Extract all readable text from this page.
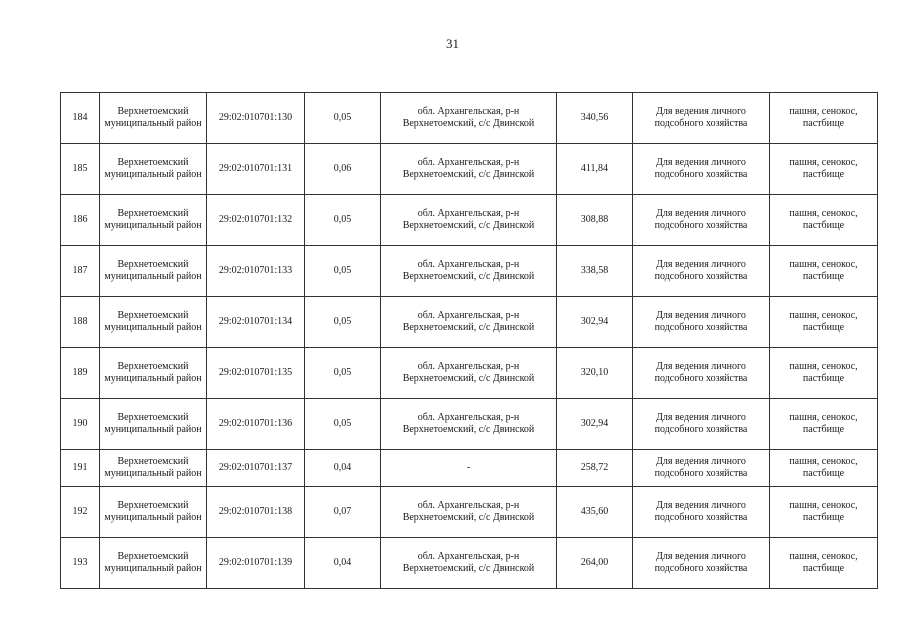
31
184	Верхнетоемский муниципальный район	29:02:010701:130	0,05	обл. Архангельская, р-н Верхнетоемский, с/с Двинской	340,56	Для ведения личного подсобного хозяйства	пашня, сенокос, пастбище
185	Верхнетоемский муниципальный район	29:02:010701:131	0,06	обл. Архангельская, р-н Верхнетоемский, с/с Двинской	411,84	Для ведения личного подсобного хозяйства	пашня, сенокос, пастбище
186	Верхнетоемский муниципальный район	29:02:010701:132	0,05	обл. Архангельская, р-н Верхнетоемский, с/с Двинской	308,88	Для ведения личного подсобного хозяйства	пашня, сенокос, пастбище
187	Верхнетоемский муниципальный район	29:02:010701:133	0,05	обл. Архангельская, р-н Верхнетоемский, с/с Двинской	338,58	Для ведения личного подсобного хозяйства	пашня, сенокос, пастбище
188	Верхнетоемский муниципальный район	29:02:010701:134	0,05	обл. Архангельская, р-н Верхнетоемский, с/с Двинской	302,94	Для ведения личного подсобного хозяйства	пашня, сенокос, пастбище
189	Верхнетоемский муниципальный район	29:02:010701:135	0,05	обл. Архангельская, р-н Верхнетоемский, с/с Двинской	320,10	Для ведения личного подсобного хозяйства	пашня, сенокос, пастбище
190	Верхнетоемский муниципальный район	29:02:010701:136	0,05	обл. Архангельская, р-н Верхнетоемский, с/с Двинской	302,94	Для ведения личного подсобного хозяйства	пашня, сенокос, пастбище
191	Верхнетоемский муниципальный район	29:02:010701:137	0,04	-	258,72	Для ведения личного подсобного хозяйства	пашня, сенокос, пастбище
192	Верхнетоемский муниципальный район	29:02:010701:138	0,07	обл. Архангельская, р-н Верхнетоемский, с/с Двинской	435,60	Для ведения личного подсобного хозяйства	пашня, сенокос, пастбище
193	Верхнетоемский муниципальный район	29:02:010701:139	0,04	обл. Архангельская, р-н Верхнетоемский, с/с Двинской	264,00	Для ведения личного подсобного хозяйства	пашня, сенокос, пастбище
